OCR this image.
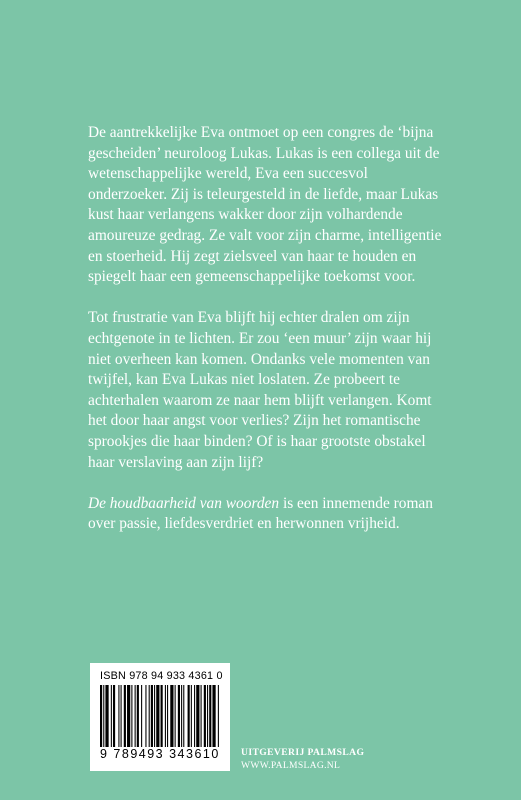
De aantrekkelijke Eva ontmoet op een congres de ‘bijna gescheiden’ neuroloog Lukas. Lukas is een collega uit de wetenschappelijke wereld, Eva een succesvol onderzoeker. Zij is teleurgesteld in de liefde, maar Lukas kust haar verlangens wakker door zijn volhardende amoureuze gedrag. Ze valt voor zijn charme, intelligentie en stoerheid. Hij zegt zielsveel van haar te houden en spiegelt haar een gemeenschappelijke toekomst voor.

Tot frustratie van Eva blijft hij echter dralen om zijn echtgenote in te lichten. Er zou ‘een muur’ zijn waar hij niet overheen kan komen. Ondanks vele momenten van twijfel, kan Eva Lukas niet loslaten. Ze probeert te achterhalen waarom ze naar hem blijft verlangen. Komt het door haar angst voor verlies? Zijn het romantische sprookjes die haar binden? Of is haar grootste obstakel haar verslaving aan zijn lijf?

De houdbaarheid van woorden is een innemende roman over passie, liefdesverdriet en herwonnen vrijheid.

ISBN 978 94 933 4361 0
9 789493 343610 UITGEVERIJ PALMSLAG
WWW.PALMSLAG.NL
